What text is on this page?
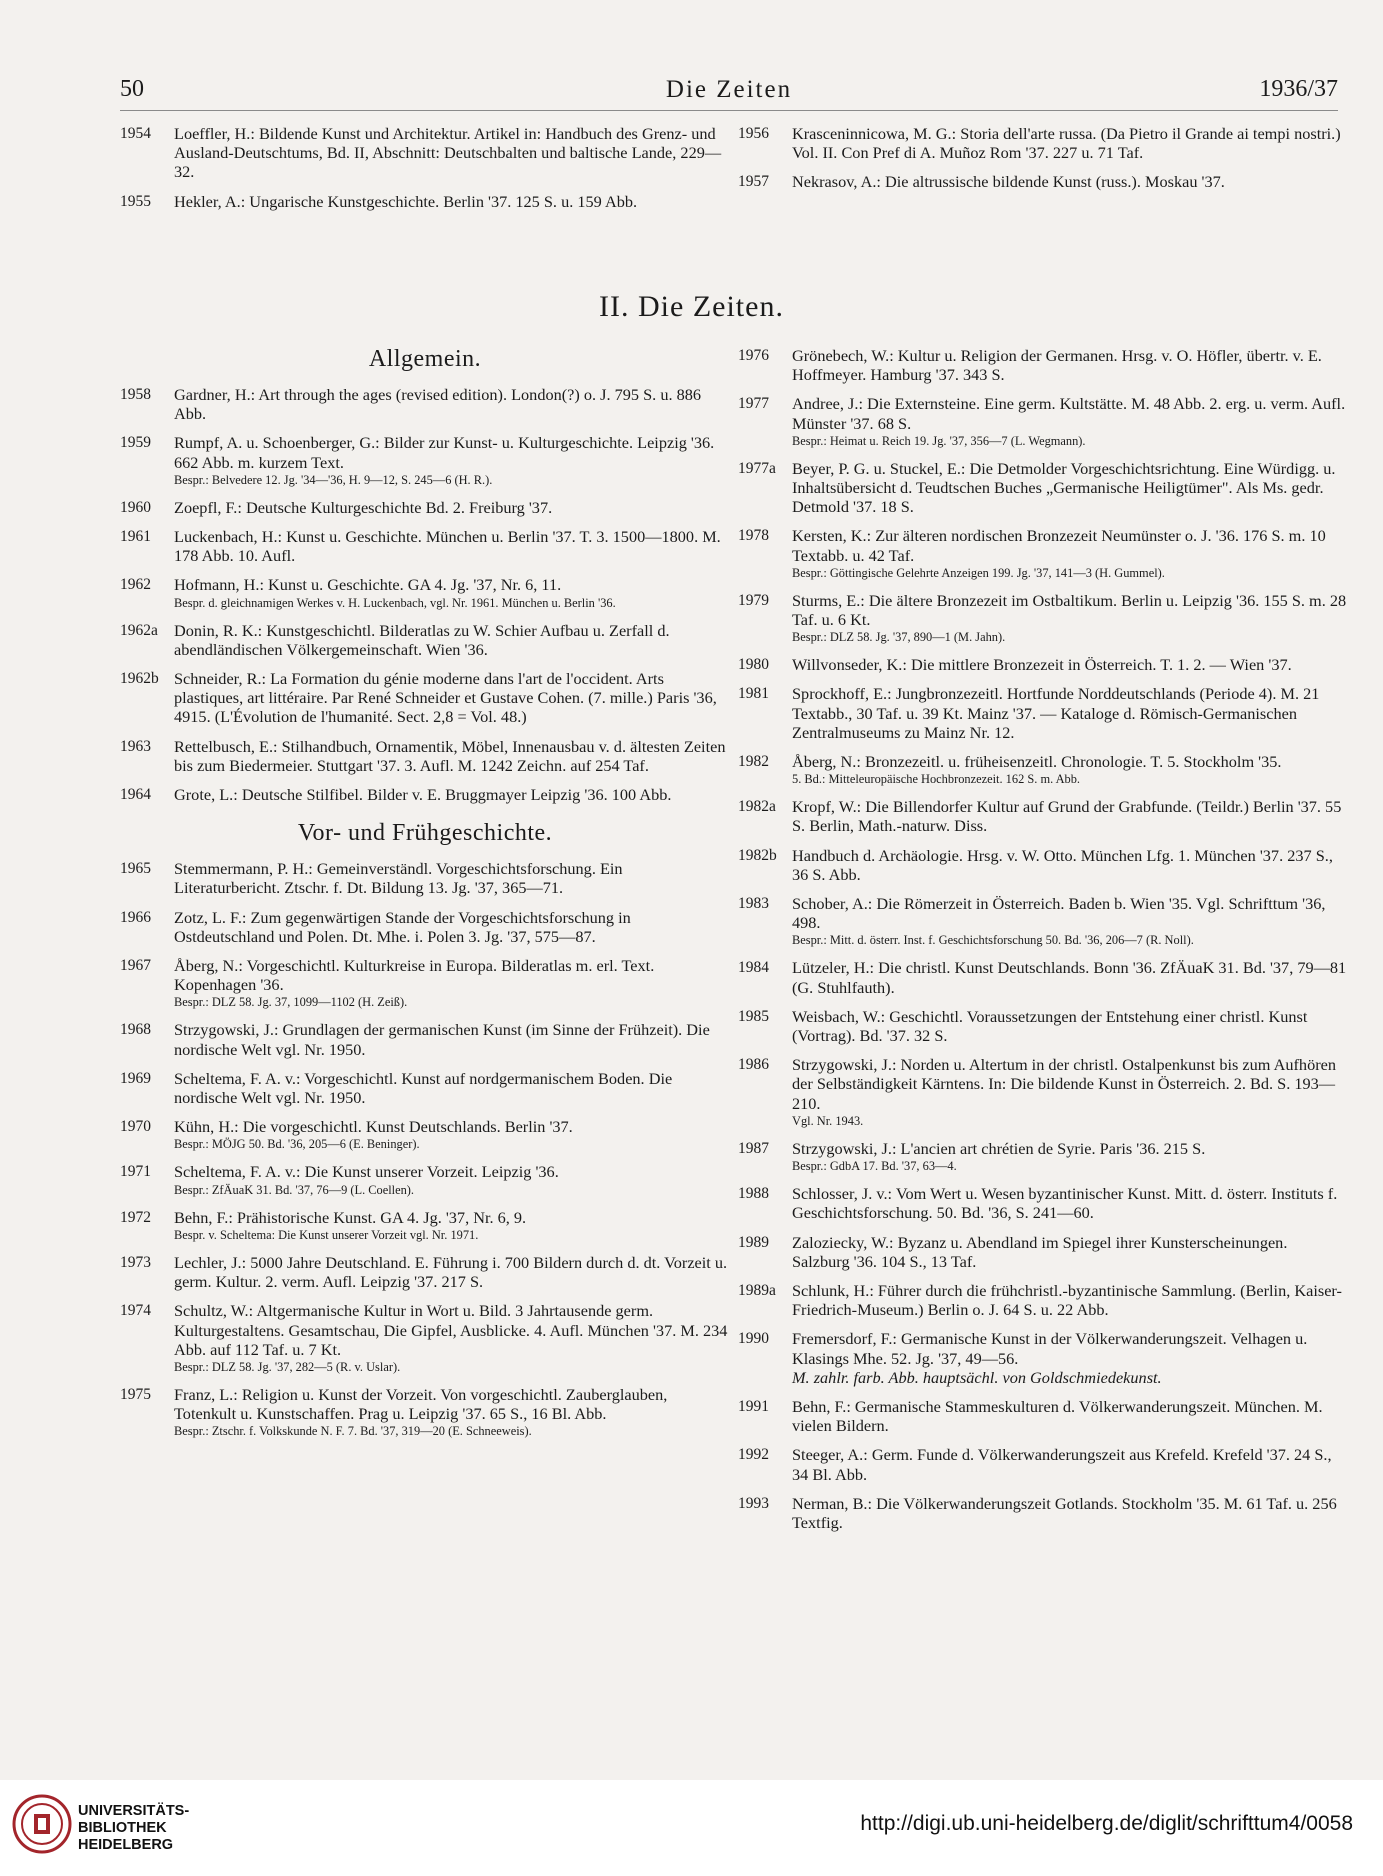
50	Die Zeiten	1936/37
1954 Loeffler, H.: Bildende Kunst und Architektur. Artikel in: Handbuch des Grenz- und Ausland-Deutschtums, Bd. II, Abschnitt: Deutschbalten und baltische Lande, 229—32.
1955 Hekler, A.: Ungarische Kunstgeschichte. Berlin '37. 125 S. u. 159 Abb.
1956 Krasceninnicowa, M. G.: Storia dell'arte russa. (Da Pietro il Grande ai tempi nostri.) Vol. II. Con Pref di A. Muñoz Rom '37. 227 u. 71 Taf.
1957 Nekrasov, A.: Die altrussische bildende Kunst (russ.). Moskau '37.
II. Die Zeiten.
Allgemein.
1958 Gardner, H.: Art through the ages (revised edition). London(?) o. J. 795 S. u. 886 Abb.
1959 Rumpf, A. u. Schoenberger, G.: Bilder zur Kunst- u. Kulturgeschichte. Leipzig '36. 662 Abb. m. kurzem Text.
Bespr.: Belvedere 12. Jg. '34—'36, H. 9—12, S. 245—6 (H. R.).
1960 Zoepfl, F.: Deutsche Kulturgeschichte Bd. 2. Freiburg '37.
1961 Luckenbach, H.: Kunst u. Geschichte. München u. Berlin '37. T. 3. 1500—1800. M. 178 Abb. 10. Aufl.
1962 Hofmann, H.: Kunst u. Geschichte. GA 4. Jg. '37, Nr. 6, 11.
Bespr. d. gleichnamigen Werkes v. H. Luckenbach, vgl. Nr. 1961. München u. Berlin '36.
1962a Donin, R. K.: Kunstgeschichtl. Bilderatlas zu W. Schier Aufbau u. Zerfall d. abendländischen Völkergemeinschaft. Wien '36.
1962b Schneider, R.: La Formation du génie moderne dans l'art de l'occident. Arts plastiques, art littéraire. Par René Schneider et Gustave Cohen. (7. mille.) Paris '36, 4915. (L'Évolution de l'humanité. Sect. 2,8 = Vol. 48.)
1963 Rettelbusch, E.: Stilhandbuch, Ornamentik, Möbel, Innenausbau v. d. ältesten Zeiten bis zum Biedermeier. Stuttgart '37. 3. Aufl. M. 1242 Zeichn. auf 254 Taf.
1964 Grote, L.: Deutsche Stilfibel. Bilder v. E. Bruggmayer Leipzig '36. 100 Abb.
Vor- und Frühgeschichte.
1965 Stemmermann, P. H.: Gemeinverständl. Vorgeschichtsforschung. Ein Literaturbericht. Ztschr. f. Dt. Bildung 13. Jg. '37, 365—71.
1966 Zotz, L. F.: Zum gegenwärtigen Stande der Vorgeschichtsforschung in Ostdeutschland und Polen. Dt. Mhe. i. Polen 3. Jg. '37, 575—87.
1967 Åberg, N.: Vorgeschichtl. Kulturkreise in Europa. Bilderatlas m. erl. Text. Kopenhagen '36.
Bespr.: DLZ 58. Jg. 37, 1099—1102 (H. Zeiß).
1968 Strzygowski, J.: Grundlagen der germanischen Kunst (im Sinne der Frühzeit). Die nordische Welt vgl. Nr. 1950.
1969 Scheltema, F. A. v.: Vorgeschichtl. Kunst auf nordgermanischem Boden. Die nordische Welt vgl. Nr. 1950.
1970 Kühn, H.: Die vorgeschichtl. Kunst Deutschlands. Berlin '37.
Bespr.: MÖJG 50. Bd. '36, 205—6 (E. Beninger).
1971 Scheltema, F. A. v.: Die Kunst unserer Vorzeit. Leipzig '36.
Bespr.: ZfÄuaK 31. Bd. '37, 76—9 (L. Coellen).
1972 Behn, F.: Prähistorische Kunst. GA 4. Jg. '37, Nr. 6, 9.
Bespr. v. Scheltema: Die Kunst unserer Vorzeit vgl. Nr. 1971.
1973 Lechler, J.: 5000 Jahre Deutschland. E. Führung i. 700 Bildern durch d. dt. Vorzeit u. germ. Kultur. 2. verm. Aufl. Leipzig '37. 217 S.
1974 Schultz, W.: Altgermanische Kultur in Wort u. Bild. 3 Jahrtausende germ. Kulturgestaltens. Gesamtschau, Die Gipfel, Ausblicke. 4. Aufl. München '37. M. 234 Abb. auf 112 Taf. u. 7 Kt.
Bespr.: DLZ 58. Jg. '37, 282—5 (R. v. Uslar).
1975 Franz, L.: Religion u. Kunst der Vorzeit. Von vorgeschichtl. Zauberglauben, Totenkult u. Kunstschaffen. Prag u. Leipzig '37. 65 S., 16 Bl. Abb.
Bespr.: Ztschr. f. Volkskunde N. F. 7. Bd. '37, 319—20 (E. Schneeweis).
1976 Grönebech, W.: Kultur u. Religion der Germanen. Hrsg. v. O. Höfler, übertr. v. E. Hoffmeyer. Hamburg '37. 343 S.
1977 Andree, J.: Die Externsteine. Eine germ. Kultstätte. M. 48 Abb. 2. erg. u. verm. Aufl. Münster '37. 68 S.
Bespr.: Heimat u. Reich 19. Jg. '37, 356—7 (L. Wegmann).
1977a Beyer, P. G. u. Stuckel, E.: Die Detmolder Vorgeschichtsrichtung. Eine Würdigg. u. Inhaltsübersicht d. Teudtschen Buches „Germanische Heiligtümer". Als Ms. gedr. Detmold '37. 18 S.
1978 Kersten, K.: Zur älteren nordischen Bronzezeit Neumünster o. J. '36. 176 S. m. 10 Textabb. u. 42 Taf.
Bespr.: Göttingische Gelehrte Anzeigen 199. Jg. '37, 141—3 (H. Gummel).
1979 Sturms, E.: Die ältere Bronzezeit im Ostbaltikum. Berlin u. Leipzig '36. 155 S. m. 28 Taf. u. 6 Kt.
Bespr.: DLZ 58. Jg. '37, 890—1 (M. Jahn).
1980 Willvonseder, K.: Die mittlere Bronzezeit in Österreich. T. 1. 2. — Wien '37.
1981 Sprockhoff, E.: Jungbronzezeitl. Hortfunde Norddeutschlands (Periode 4). M. 21 Textabb., 30 Taf. u. 39 Kt. Mainz '37. — Kataloge d. Römisch-Germanischen Zentralmuseums zu Mainz Nr. 12.
1982 Åberg, N.: Bronzezeitl. u. früheisenzeitl. Chronologie. T. 5. Stockholm '35.
5. Bd.: Mitteleuropäische Hochbronzezeit. 162 S. m. Abb.
1982a Kropf, W.: Die Billendorfer Kultur auf Grund der Grabfunde. (Teildr.) Berlin '37. 55 S. Berlin, Math.-naturw. Diss.
1982b Handbuch d. Archäologie. Hrsg. v. W. Otto. München Lfg. 1. München '37. 237 S., 36 S. Abb.
1983 Schober, A.: Die Römerzeit in Österreich. Baden b. Wien '35. Vgl. Schrifttum '36, 498.
Bespr.: Mitt. d. österr. Inst. f. Geschichtsforschung 50. Bd. '36, 206—7 (R. Noll).
1984 Lützeler, H.: Die christl. Kunst Deutschlands. Bonn '36. ZfÄuaK 31. Bd. '37, 79—81 (G. Stuhlfauth).
1985 Weisbach, W.: Geschichtl. Voraussetzungen der Entstehung einer christl. Kunst (Vortrag). Bd. '37. 32 S.
1986 Strzygowski, J.: Norden u. Altertum in der christl. Ostalpenkunst bis zum Aufhören der Selbständigkeit Kärntens. In: Die bildende Kunst in Österreich. 2. Bd. S. 193—210.
Vgl. Nr. 1943.
1987 Strzygowski, J.: L'ancien art chrétien de Syrie. Paris '36. 215 S.
Bespr.: GdbA 17. Bd. '37, 63—4.
1988 Schlosser, J. v.: Vom Wert u. Wesen byzantinischer Kunst. Mitt. d. österr. Instituts f. Geschichtsforschung. 50. Bd. '36, S. 241—60.
1989 Zaloziecky, W.: Byzanz u. Abendland im Spiegel ihrer Kunsterscheinungen. Salzburg '36. 104 S., 13 Taf.
1989a Schlunk, H.: Führer durch die frühchristl.-byzantinische Sammlung. (Berlin, Kaiser-Friedrich-Museum.) Berlin o. J. 64 S. u. 22 Abb.
1990 Fremersdorf, F.: Germanische Kunst in der Völkerwanderungszeit. Velhagen u. Klasings Mhe. 52. Jg. '37, 49—56.
M. zahlr. farb. Abb. hauptsächl. von Goldschmiedekunst.
1991 Behn, F.: Germanische Stammeskulturen d. Völkerwanderungszeit. München. M. vielen Bildern.
1992 Steeger, A.: Germ. Funde d. Völkerwanderungszeit aus Krefeld. Krefeld '37. 24 S., 34 Bl. Abb.
1993 Nerman, B.: Die Völkerwanderungszeit Gotlands. Stockholm '35. M. 61 Taf. u. 256 Textfig.
UNIVERSITÄTS-
BIBLIOTHEK
HEIDELBERG
http://digi.ub.uni-heidelberg.de/diglit/schrifttum4/0058
